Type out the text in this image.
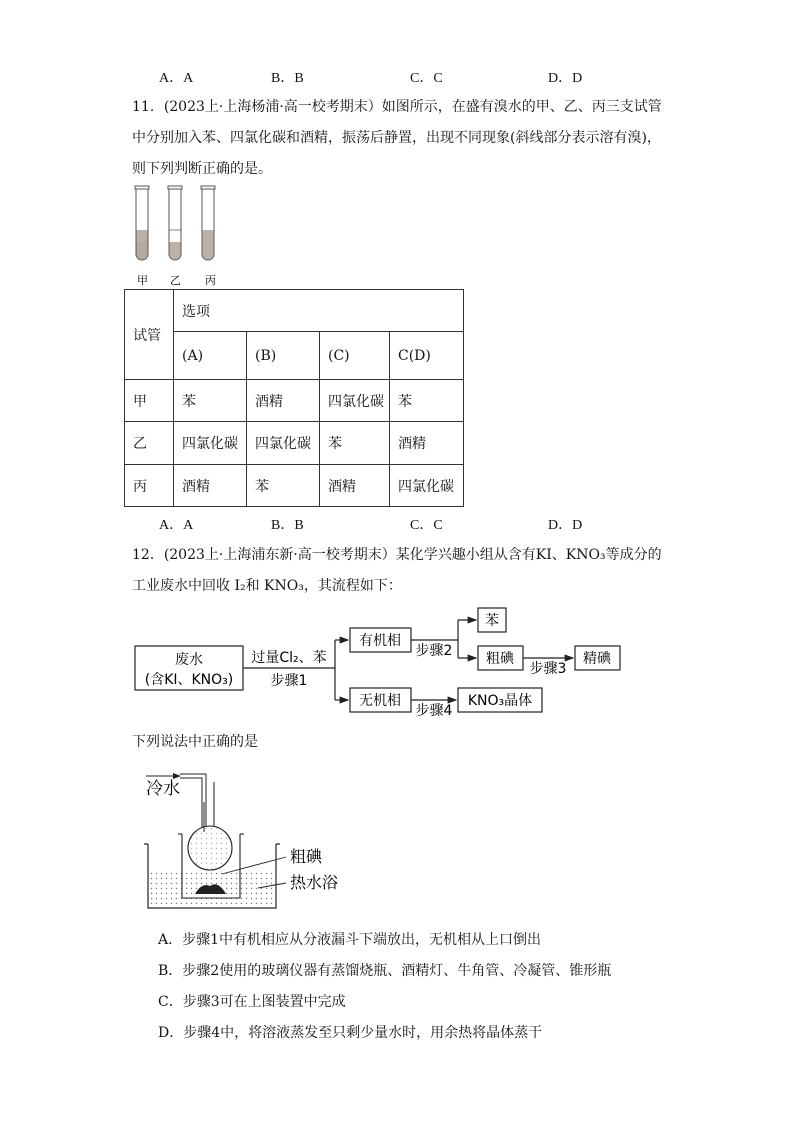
A．A	B．B	C．C	D．D
11．(2023上·上海杨浦·高一校考期末）如图所示，在盛有溴水的甲、乙、丙三支试管
中分别加入苯、四氯化碳和酒精，振荡后静置，出现不同现象(斜线部分表示溶有溴)，
则下列判断正确的是。
甲 乙 丙
试管	选项			
	(A)	(B)	(C)	C(D)
甲	苯	酒精	四氯化碳	苯
乙	四氯化碳	四氯化碳	苯	酒精
丙	酒精	苯	酒精	四氯化碳
A．A	B．B	C．C	D．D
12．(2023上·上海浦东新·高一校考期末）某化学兴趣小组从含有KI、KNO₃等成分的
工业废水中回收 I₂和 KNO₃，其流程如下：
废水
(含KI、KNO₃)
过量Cl₂、苯
步骤1
有机相
步骤2
苯
粗碘
步骤3
精碘
无机相
步骤4
KNO₃晶体
下列说法中正确的是
冷水
粗碘
热水浴
A．步骤1中有机相应从分液漏斗下端放出，无机相从上口倒出
B．步骤2使用的玻璃仪器有蒸馏烧瓶、酒精灯、牛角管、冷凝管、锥形瓶
C．步骤3可在上图装置中完成
D．步骤4中，将溶液蒸发至只剩少量水时，用余热将晶体蒸干
